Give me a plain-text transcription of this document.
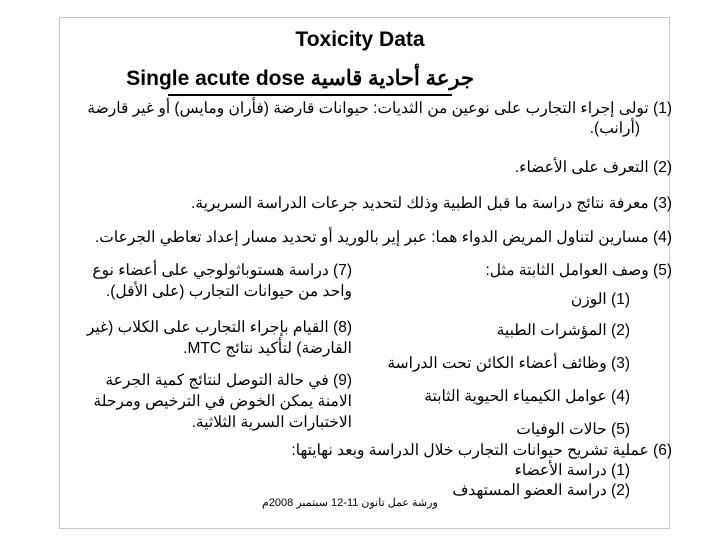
Toxicity Data
Single acute dose جرعة أحادية قاسية
(1) تولى إجراء التجارب على نوعين من الثديات: حيوانات قارضة (فأران ومايس) أو غير قارضة
(أرانب).
(2) التعرف على الأعضاء.
(3) معرفة نتائج دراسة ما قبل الطبية وذلك لتحديد جرعات الدراسة السريرية.
(4) مسارين لتناول المريض الدواء هما: عبر إير بالوريد أو تحديد مسار إعداد تعاطي الجرعات.
(5) وصف العوامل الثابتة مثل:
(1) الوزن
(2) المؤشرات الطبية
(3) وظائف أعضاء الكائن تحت الدراسة
(4) عوامل الكيمياء الحيوية الثابتة
(5) حالات الوفيات
(6) عملية تشريح حيوانات التجارب خلال الدراسة وبعد نهايتها:
(1) دراسة الأعضاء
(2) دراسة العضو المستهدف
(7) دراسة هستوباثولوجي على أعضاء نوع
واحد من حيوانات التجارب (على الأقل).
(8) القيام بإجراء التجارب على الكلاب (غير
القارضة) لتأكيد نتائج MTC.
(9) في حالة التوصل لنتائج كمية الجرعة
الامنة يمكن الخوض في الترخيص ومرحلة
الاختبارات السرية الثلاثية.
ورشة عمل تانون 11-12 سبتمبر 2008م
